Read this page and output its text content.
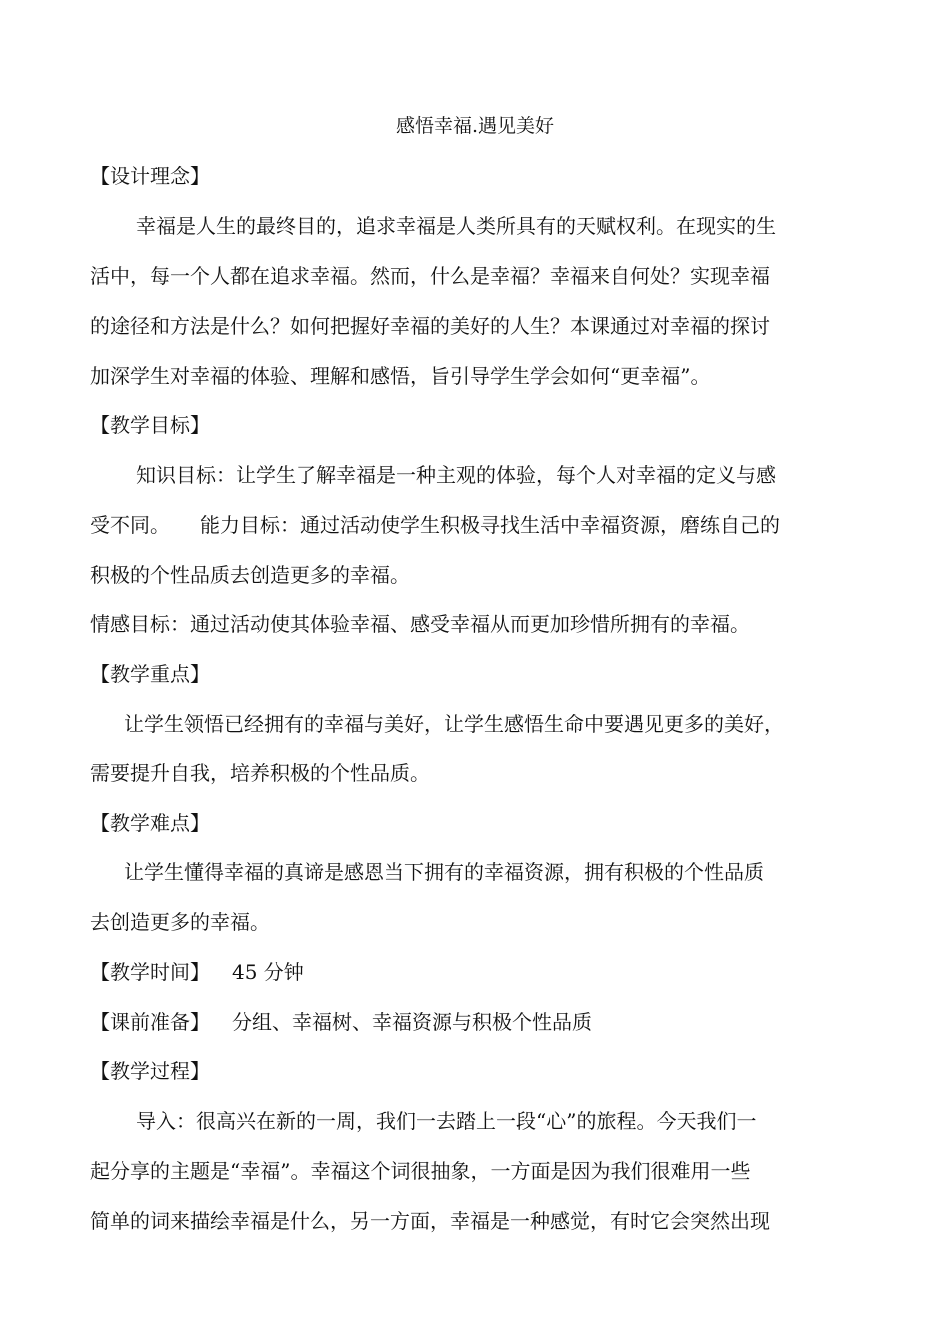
感悟幸福.遇见美好

【设计理念】

幸福是人生的最终目的，追求幸福是人类所具有的天赋权利。在现实的生

活中，每一个人都在追求幸福。然而，什么是幸福？幸福来自何处？实现幸福

的途径和方法是什么？如何把握好幸福的美好的人生？本课通过对幸福的探讨

加深学生对幸福的体验、理解和感悟，旨引导学生学会如何“更幸福”。

【教学目标】

知识目标：让学生了解幸福是一种主观的体验，每个人对幸福的定义与感

受不同。 能力目标：通过活动使学生积极寻找生活中幸福资源，磨练自己的

积极的个性品质去创造更多的幸福。

情感目标：通过活动使其体验幸福、感受幸福从而更加珍惜所拥有的幸福。

【教学重点】

让学生领悟已经拥有的幸福与美好，让学生感悟生命中要遇见更多的美好，

需要提升自我，培养积极的个性品质。

【教学难点】

让学生懂得幸福的真谛是感恩当下拥有的幸福资源，拥有积极的个性品质

去创造更多的幸福。

【教学时间】 45 分钟

【课前准备】 分组、幸福树、幸福资源与积极个性品质

【教学过程】

导入：很高兴在新的一周，我们一去踏上一段“心”的旅程。今天我们一

起分享的主题是“幸福”。幸福这个词很抽象，一方面是因为我们很难用一些

简单的词来描绘幸福是什么，另一方面，幸福是一种感觉，有时它会突然出现
